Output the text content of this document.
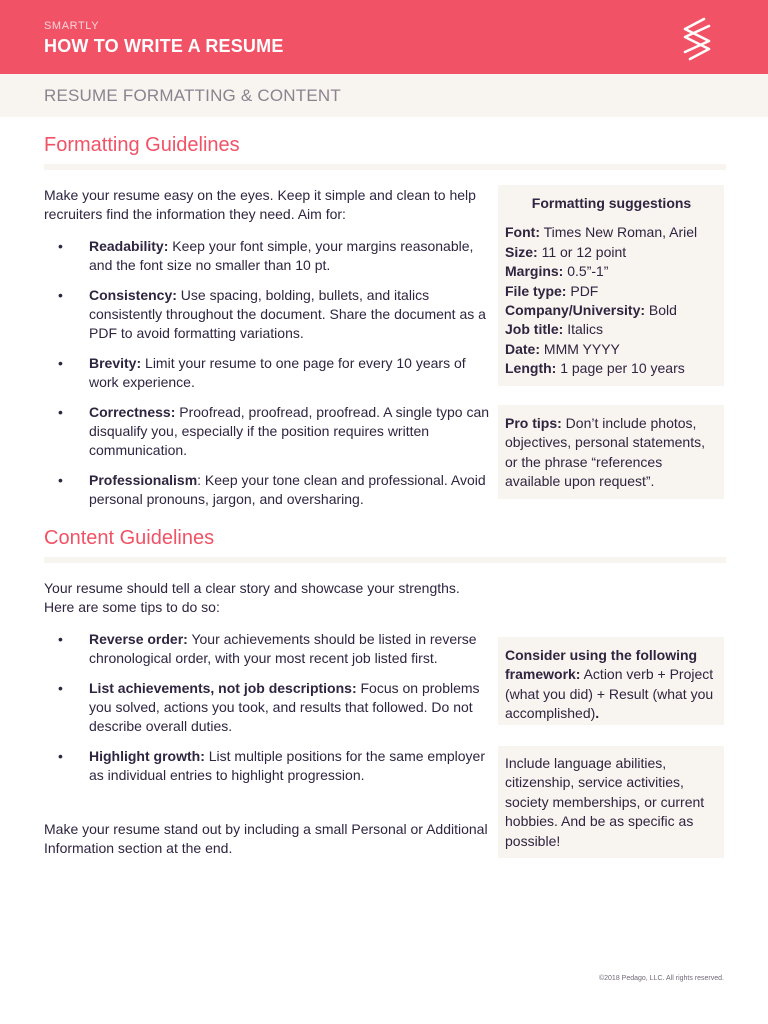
SMARTLY
HOW TO WRITE A RESUME
RESUME FORMATTING & CONTENT
Formatting Guidelines
Make your resume easy on the eyes. Keep it simple and clean to help recruiters find the information they need. Aim for:
• Readability: Keep your font simple, your margins reasonable, and the font size no smaller than 10 pt.
• Consistency: Use spacing, bolding, bullets, and italics consistently throughout the document. Share the document as a PDF to avoid formatting variations.
• Brevity: Limit your resume to one page for every 10 years of work experience.
• Correctness: Proofread, proofread, proofread. A single typo can disqualify you, especially if the position requires written communication.
• Professionalism: Keep your tone clean and professional. Avoid personal pronouns, jargon, and oversharing.
Formatting suggestions
Font: Times New Roman, Ariel
Size: 11 or 12 point
Margins: 0.5”-1”
File type: PDF
Company/University: Bold
Job title: Italics
Date: MMM YYYY
Length: 1 page per 10 years
Pro tips: Don’t include photos, objectives, personal statements, or the phrase “references available upon request”.
Content Guidelines
Your resume should tell a clear story and showcase your strengths. Here are some tips to do so:
• Reverse order: Your achievements should be listed in reverse chronological order, with your most recent job listed first.
• List achievements, not job descriptions: Focus on problems you solved, actions you took, and results that followed. Do not describe overall duties.
• Highlight growth: List multiple positions for the same employer as individual entries to highlight progression.
Make your resume stand out by including a small Personal or Additional Information section at the end.
Consider using the following framework: Action verb + Project (what you did) + Result (what you accomplished).
Include language abilities, citizenship, service activities, society memberships, or current hobbies. And be as specific as possible!
©2018 Pedago, LLC. All rights reserved.
